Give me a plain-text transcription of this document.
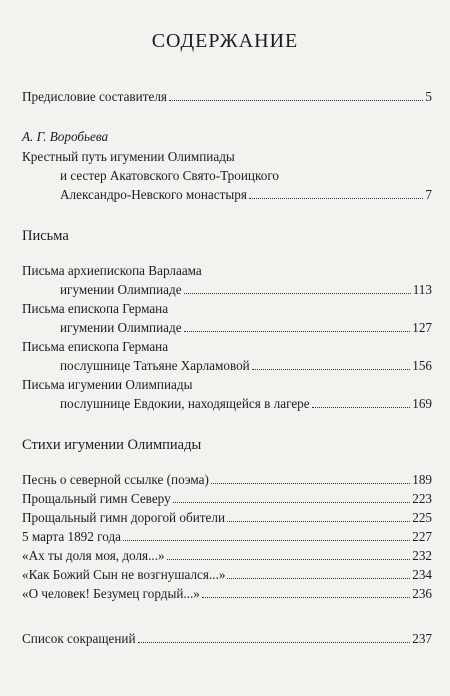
СОДЕРЖАНИЕ
Предисловие составителя	5
А. Г. Воробьева
Крестный путь игумении Олимпиады
и сестер Акатовского Свято-Троицкого
Александро-Невского монастыря	7
Письма
Письма архиепископа Варлаама
игумении Олимпиаде	113
Письма епископа Германа
игумении Олимпиаде	127
Письма епископа Германа
послушнице Татьяне Харламовой	156
Письма игумении Олимпиады
послушнице Евдокии, находящейся в лагере	169
Стихи игумении Олимпиады
Песнь о северной ссылке (поэма)	189
Прощальный гимн Северу	223
Прощальный гимн дорогой обители	225
5 марта 1892 года	227
«Ах ты доля моя, доля...»	232
«Как Божий Сын не возгнушался...»	234
«О человек! Безумец гордый...»	236
Список сокращений	237
